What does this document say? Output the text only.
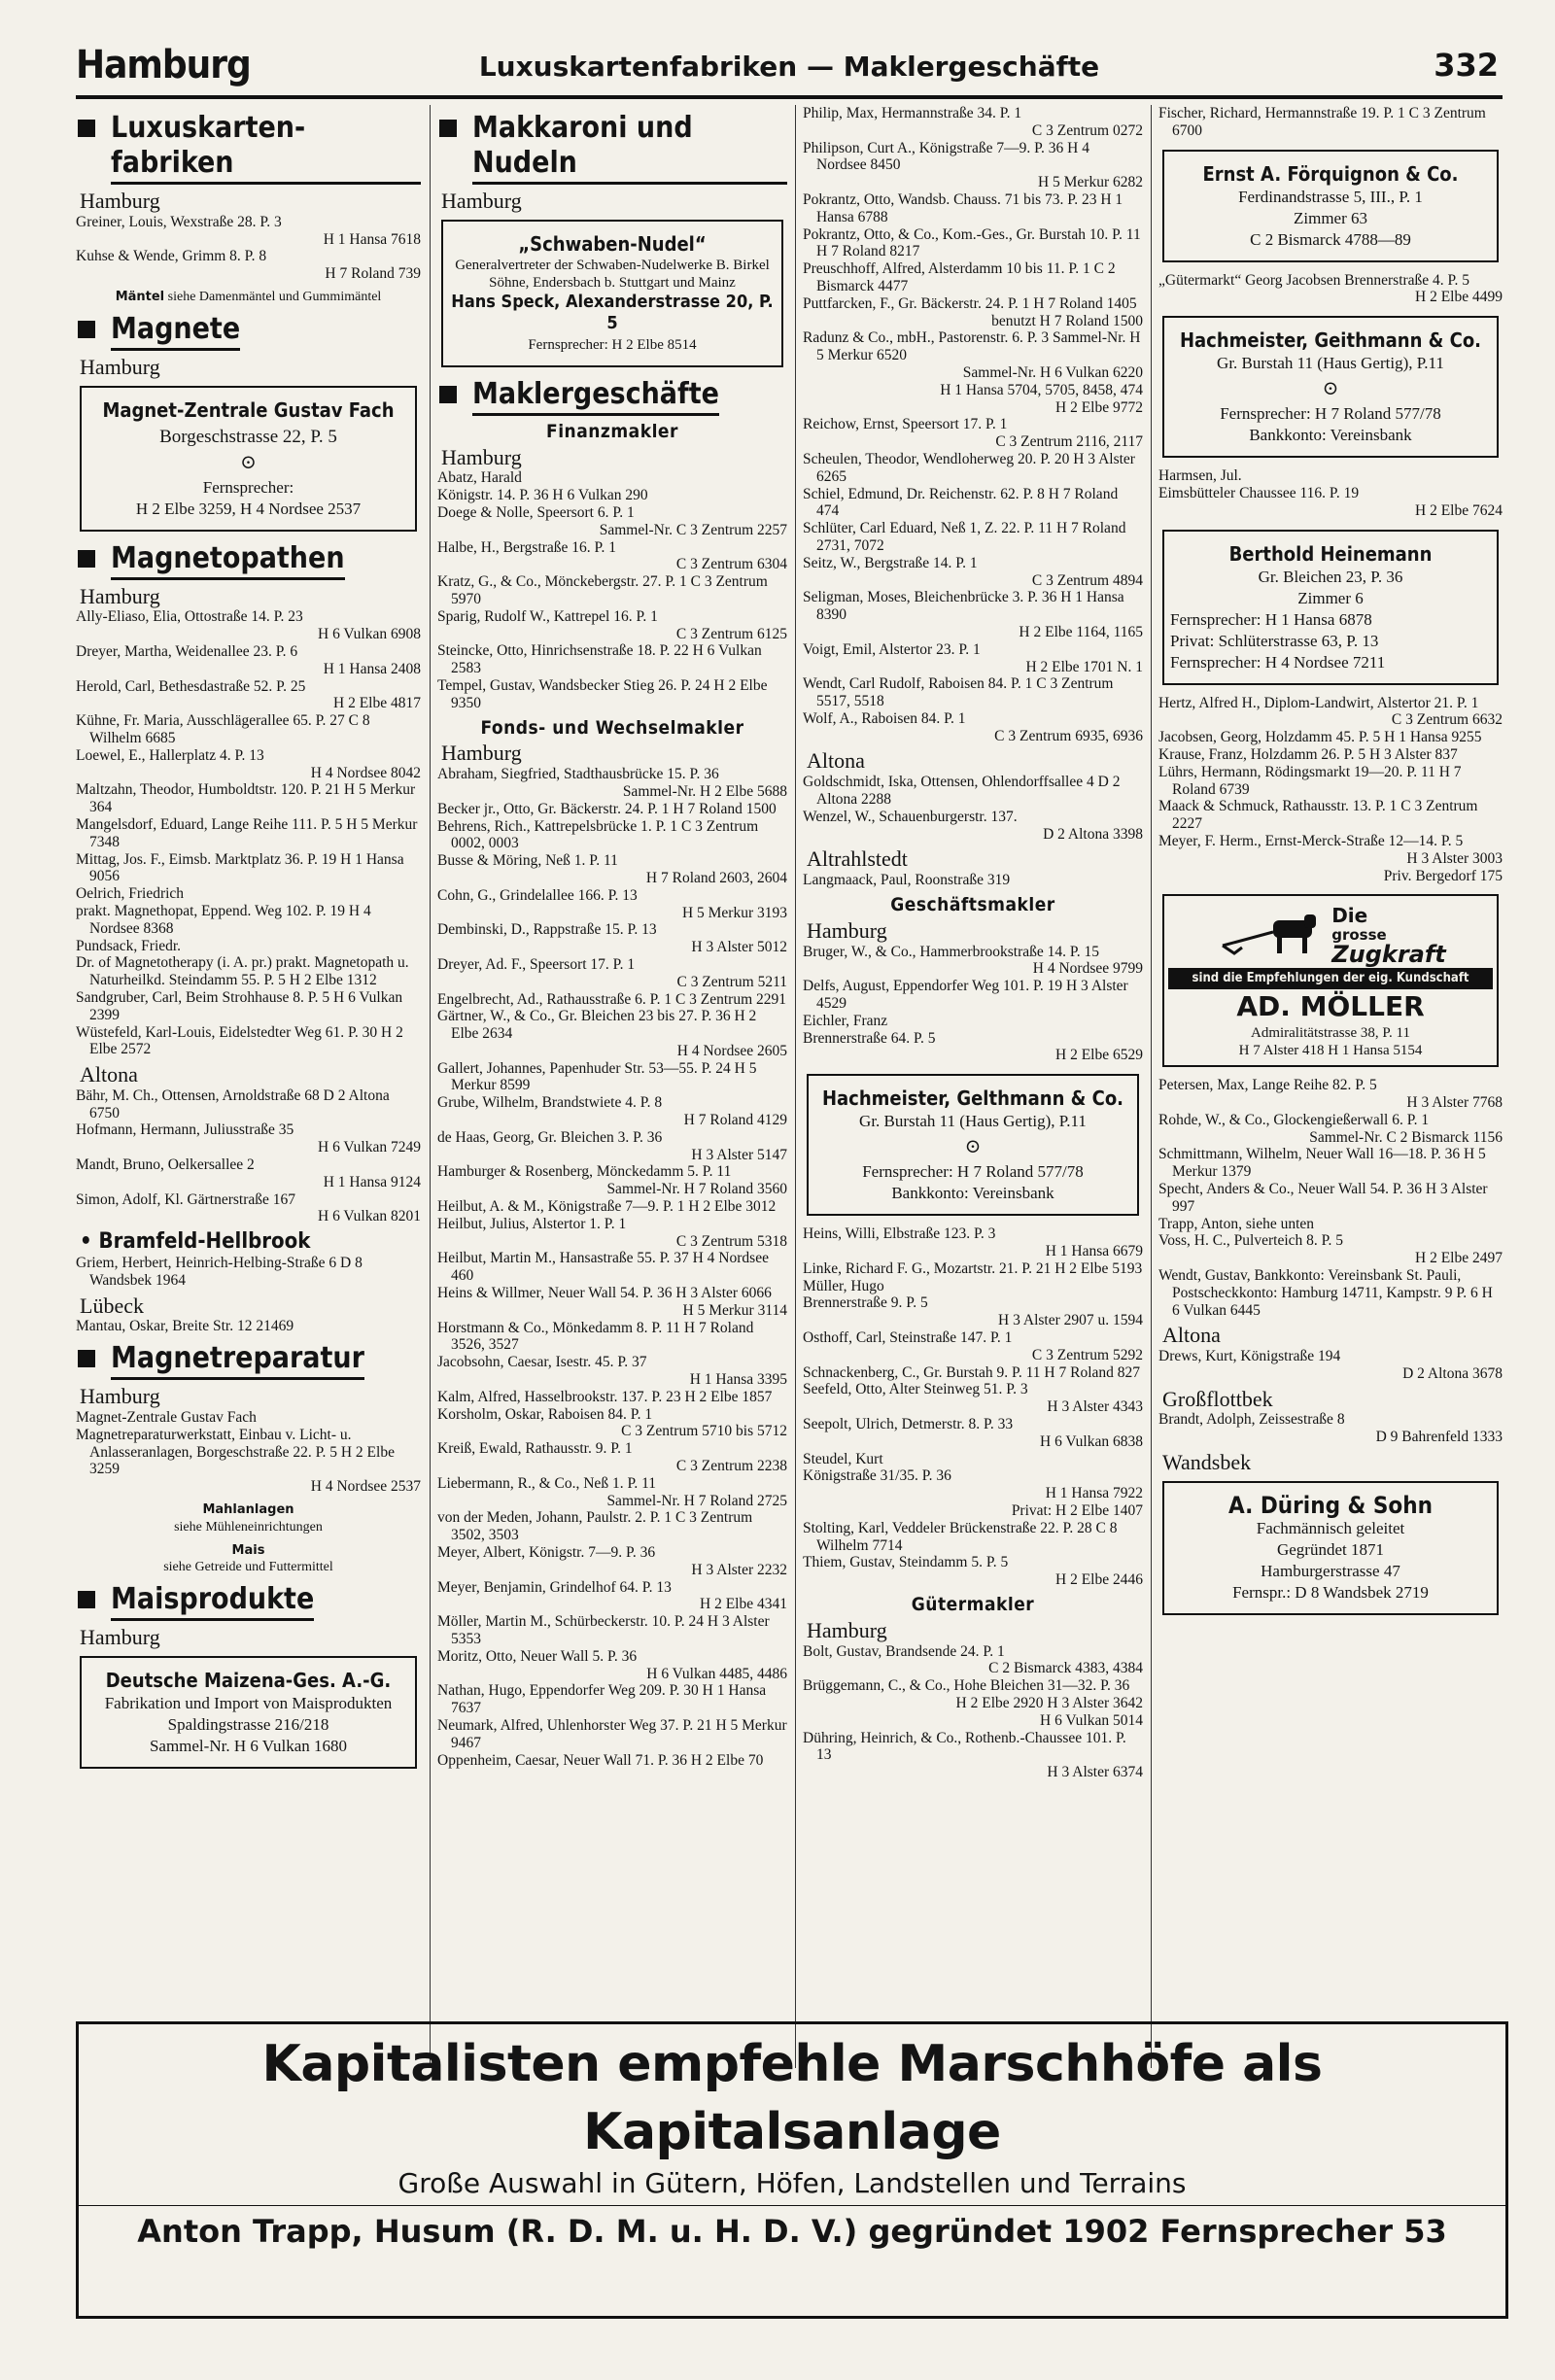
Hamburg	Luxuskartenfabriken — Maklergeschäfte	332
Luxuskarten-fabriken
Hamburg

Greiner, Louis, Wexstraße 28. P. 3

H 1 Hansa 7618

Kuhse & Wende, Grimm 8. P. 8

H 7 Roland 739

Mäntel siehe Damenmäntel und Gummimäntel
Magnete
Hamburg
Magnet-Zentrale Gustav Fach
Borgeschstrasse 22, P. 5
⊙
Fernsprecher:
H 2 Elbe 3259, H 4 Nordsee 2537
Magnetopathen
Hamburg

Ally-Eliaso, Elia, Ottostraße 14. P. 23

H 6 Vulkan 6908

Dreyer, Martha, Weidenallee 23. P. 6

H 1 Hansa 2408

Herold, Carl, Bethesdastraße 52. P. 25

H 2 Elbe 4817

Kühne, Fr. Maria, Ausschlägerallee 65. P. 27 C 8 Wilhelm 6685

Loewel, E., Hallerplatz 4. P. 13

H 4 Nordsee 8042

Maltzahn, Theodor, Humboldtstr. 120. P. 21 H 5 Merkur 364

Mangelsdorf, Eduard, Lange Reihe 111. P. 5 H 5 Merkur 7348

Mittag, Jos. F., Eimsb. Marktplatz 36. P. 19 H 1 Hansa 9056

Oelrich, Friedrich

prakt. Magnethopat, Eppend. Weg 102. P. 19 H 4 Nordsee 8368

Pundsack, Friedr.

Dr. of Magnetotherapy (i. A. pr.) prakt. Magnetopath u. Naturheilkd. Steindamm 55. P. 5 H 2 Elbe 1312

Sandgruber, Carl, Beim Strohhause 8. P. 5 H 6 Vulkan 2399

Wüstefeld, Karl-Louis, Eidelstedter Weg 61. P. 30 H 2 Elbe 2572

Altona

Bähr, M. Ch., Ottensen, Arnoldstraße 68 D 2 Altona 6750

Hofmann, Hermann, Juliusstraße 35

H 6 Vulkan 7249

Mandt, Bruno, Oelkersallee 2

H 1 Hansa 9124

Simon, Adolf, Kl. Gärtnerstraße 167

H 6 Vulkan 8201

• Bramfeld-Hellbrook

Griem, Herbert, Heinrich-Helbing-Straße 6 D 8 Wandsbek 1964

Lübeck

Mantau, Oskar, Breite Str. 12 21469

Magnetreparatur
Hamburg

Magnet-Zentrale Gustav Fach

Magnetreparaturwerkstatt, Einbau v. Licht- u. Anlasseranlagen, Borgeschstraße 22. P. 5 H 2 Elbe 3259

H 4 Nordsee 2537

Mahlanlagen
siehe Mühleneinrichtungen
Mais
siehe Getreide und Futtermittel
Maisprodukte
Hamburg
Deutsche Maizena-Ges. A.-G.
Fabrikation und Import von Maisprodukten
Spaldingstrasse 216/218
Sammel-Nr. H 6 Vulkan 1680
Makkaroni und Nudeln
Hamburg
„Schwaben-Nudel“
Generalvertreter der Schwaben-Nudelwerke B. Birkel Söhne, Endersbach b. Stuttgart und Mainz
Hans Speck, Alexanderstrasse 20, P. 5
Fernsprecher: H 2 Elbe 8514
Maklergeschäfte
Finanzmakler
Hamburg

Abatz, Harald

Königstr. 14. P. 36 H 6 Vulkan 290

Doege & Nolle, Speersort 6. P. 1

Sammel-Nr. C 3 Zentrum 2257

Halbe, H., Bergstraße 16. P. 1

C 3 Zentrum 6304

Kratz, G., & Co., Mönckebergstr. 27. P. 1 C 3 Zentrum 5970

Sparig, Rudolf W., Kattrepel 16. P. 1

C 3 Zentrum 6125

Steincke, Otto, Hinrichsenstraße 18. P. 22 H 6 Vulkan 2583

Tempel, Gustav, Wandsbecker Stieg 26. P. 24 H 2 Elbe 9350

Fonds- und Wechselmakler
Hamburg

Abraham, Siegfried, Stadthausbrücke 15. P. 36

Sammel-Nr. H 2 Elbe 5688

Becker jr., Otto, Gr. Bäckerstr. 24. P. 1 H 7 Roland 1500

Behrens, Rich., Kattrepelsbrücke 1. P. 1 C 3 Zentrum 0002, 0003

Busse & Möring, Neß 1. P. 11

H 7 Roland 2603, 2604

Cohn, G., Grindelallee 166. P. 13

H 5 Merkur 3193

Dembinski, D., Rappstraße 15. P. 13

H 3 Alster 5012

Dreyer, Ad. F., Speersort 17. P. 1

C 3 Zentrum 5211

Engelbrecht, Ad., Rathausstraße 6. P. 1 C 3 Zentrum 2291

Gärtner, W., & Co., Gr. Bleichen 23 bis 27. P. 36 H 2 Elbe 2634

H 4 Nordsee 2605

Gallert, Johannes, Papenhuder Str. 53—55. P. 24 H 5 Merkur 8599

Grube, Wilhelm, Brandstwiete 4. P. 8

H 7 Roland 4129

de Haas, Georg, Gr. Bleichen 3. P. 36

H 3 Alster 5147

Hamburger & Rosenberg, Mönckedamm 5. P. 11

Sammel-Nr. H 7 Roland 3560

Heilbut, A. & M., Königstraße 7—9. P. 1 H 2 Elbe 3012

Heilbut, Julius, Alstertor 1. P. 1

C 3 Zentrum 5318

Heilbut, Martin M., Hansastraße 55. P. 37 H 4 Nordsee 460

Heins & Willmer, Neuer Wall 54. P. 36 H 3 Alster 6066

H 5 Merkur 3114

Horstmann & Co., Mönkedamm 8. P. 11 H 7 Roland 3526, 3527

Jacobsohn, Caesar, Isestr. 45. P. 37

H 1 Hansa 3395

Kalm, Alfred, Hasselbrookstr. 137. P. 23 H 2 Elbe 1857

Korsholm, Oskar, Raboisen 84. P. 1

C 3 Zentrum 5710 bis 5712

Kreiß, Ewald, Rathausstr. 9. P. 1

C 3 Zentrum 2238

Liebermann, R., & Co., Neß 1. P. 11

Sammel-Nr. H 7 Roland 2725

von der Meden, Johann, Paulstr. 2. P. 1 C 3 Zentrum 3502, 3503

Meyer, Albert, Königstr. 7—9. P. 36

H 3 Alster 2232

Meyer, Benjamin, Grindelhof 64. P. 13

H 2 Elbe 4341

Möller, Martin M., Schürbeckerstr. 10. P. 24 H 3 Alster 5353

Moritz, Otto, Neuer Wall 5. P. 36

H 6 Vulkan 4485, 4486

Nathan, Hugo, Eppendorfer Weg 209. P. 30 H 1 Hansa 7637

Neumark, Alfred, Uhlenhorster Weg 37. P. 21 H 5 Merkur 9467

Oppenheim, Caesar, Neuer Wall 71. P. 36 H 2 Elbe 70

Philip, Max, Hermannstraße 34. P. 1

C 3 Zentrum 0272

Philipson, Curt A., Königstraße 7—9. P. 36 H 4 Nordsee 8450

H 5 Merkur 6282

Pokrantz, Otto, Wandsb. Chauss. 71 bis 73. P. 23 H 1 Hansa 6788

Pokrantz, Otto, & Co., Kom.-Ges., Gr. Burstah 10. P. 11 H 7 Roland 8217

Preuschhoff, Alfred, Alsterdamm 10 bis 11. P. 1 C 2 Bismarck 4477

Puttfarcken, F., Gr. Bäckerstr. 24. P. 1 H 7 Roland 1405

benutzt H 7 Roland 1500

Radunz & Co., mbH., Pastorenstr. 6. P. 3 Sammel-Nr. H 5 Merkur 6520

Sammel-Nr. H 6 Vulkan 6220

H 1 Hansa 5704, 5705, 8458, 474

H 2 Elbe 9772

Reichow, Ernst, Speersort 17. P. 1

C 3 Zentrum 2116, 2117

Scheulen, Theodor, Wendloherweg 20. P. 20 H 3 Alster 6265

Schiel, Edmund, Dr. Reichenstr. 62. P. 8 H 7 Roland 474

Schlüter, Carl Eduard, Neß 1, Z. 22. P. 11 H 7 Roland 2731, 7072

Seitz, W., Bergstraße 14. P. 1

C 3 Zentrum 4894

Seligman, Moses, Bleichenbrücke 3. P. 36 H 1 Hansa 8390

H 2 Elbe 1164, 1165

Voigt, Emil, Alstertor 23. P. 1

H 2 Elbe 1701 N. 1

Wendt, Carl Rudolf, Raboisen 84. P. 1 C 3 Zentrum 5517, 5518

Wolf, A., Raboisen 84. P. 1

C 3 Zentrum 6935, 6936

Altona

Goldschmidt, Iska, Ottensen, Ohlendorffsallee 4 D 2 Altona 2288

Wenzel, W., Schauenburgerstr. 137.

D 2 Altona 3398

Altrahlstedt

Langmaack, Paul, Roonstraße 319

Geschäftsmakler
Hamburg

Bruger, W., & Co., Hammerbrookstraße 14. P. 15

H 4 Nordsee 9799

Delfs, August, Eppendorfer Weg 101. P. 19 H 3 Alster 4529

Eichler, Franz

Brennerstraße 64. P. 5

H 2 Elbe 6529

Hachmeister, Gelthmann & Co.
Gr. Burstah 11 (Haus Gertig), P.11
⊙
Fernsprecher: H 7 Roland 577/78
Bankkonto: Vereinsbank

Heins, Willi, Elbstraße 123. P. 3

H 1 Hansa 6679

Linke, Richard F. G., Mozartstr. 21. P. 21 H 2 Elbe 5193

Müller, Hugo

Brennerstraße 9. P. 5

H 3 Alster 2907 u. 1594

Osthoff, Carl, Steinstraße 147. P. 1

C 3 Zentrum 5292

Schnackenberg, C., Gr. Burstah 9. P. 11 H 7 Roland 827

Seefeld, Otto, Alter Steinweg 51. P. 3

H 3 Alster 4343

Seepolt, Ulrich, Detmerstr. 8. P. 33

H 6 Vulkan 6838

Steudel, Kurt

Königstraße 31/35. P. 36

H 1 Hansa 7922

Privat: H 2 Elbe 1407

Stolting, Karl, Veddeler Brückenstraße 22. P. 28 C 8 Wilhelm 7714

Thiem, Gustav, Steindamm 5. P. 5

H 2 Elbe 2446

Gütermakler
Hamburg

Bolt, Gustav, Brandsende 24. P. 1

C 2 Bismarck 4383, 4384

Brüggemann, C., & Co., Hohe Bleichen 31—32. P. 36

H 2 Elbe 2920 H 3 Alster 3642

H 6 Vulkan 5014

Dühring, Heinrich, & Co., Rothenb.-Chaussee 101. P. 13

H 3 Alster 6374

Fischer, Richard, Hermannstraße 19. P. 1 C 3 Zentrum 6700

Ernst A. Förquignon & Co.
Ferdinandstrasse 5, III., P. 1
Zimmer 63
C 2 Bismarck 4788—89

„Gütermarkt“ Georg Jacobsen Brennerstraße 4. P. 5

H 2 Elbe 4499

Hachmeister, Geithmann & Co.
Gr. Burstah 11 (Haus Gertig), P.11
⊙
Fernsprecher: H 7 Roland 577/78
Bankkonto: Vereinsbank

Harmsen, Jul.

Eimsbütteler Chaussee 116. P. 19

H 2 Elbe 7624

Berthold Heinemann
Gr. Bleichen 23, P. 36
Zimmer 6
Fernsprecher: H 1 Hansa 6878
Privat: Schlüterstrasse 63, P. 13
Fernsprecher: H 4 Nordsee 7211

Hertz, Alfred H., Diplom-Landwirt, Alstertor 21. P. 1

C 3 Zentrum 6632

Jacobsen, Georg, Holzdamm 45. P. 5 H 1 Hansa 9255

Krause, Franz, Holzdamm 26. P. 5 H 3 Alster 837

Lührs, Hermann, Rödingsmarkt 19—20. P. 11 H 7 Roland 6739

Maack & Schmuck, Rathausstr. 13. P. 1 C 3 Zentrum 2227

Meyer, F. Herm., Ernst-Merck-Straße 12—14. P. 5

H 3 Alster 3003

Priv. Bergedorf 175

Die
grosse
Zugkraft
sind die Empfehlungen der eig. Kundschaft
AD. MÖLLER
Admiralitätstrasse 38, P. 11
H 7 Alster 418 H 1 Hansa 5154

Petersen, Max, Lange Reihe 82. P. 5

H 3 Alster 7768

Rohde, W., & Co., Glockengießerwall 6. P. 1

Sammel-Nr. C 2 Bismarck 1156

Schmittmann, Wilhelm, Neuer Wall 16—18. P. 36 H 5 Merkur 1379

Specht, Anders & Co., Neuer Wall 54. P. 36 H 3 Alster 997

Trapp, Anton, siehe unten

Voss, H. C., Pulverteich 8. P. 5

H 2 Elbe 2497

Wendt, Gustav, Bankkonto: Vereinsbank St. Pauli, Postscheckkonto: Hamburg 14711, Kampstr. 9 P. 6 H 6 Vulkan 6445

Altona

Drews, Kurt, Königstraße 194

D 2 Altona 3678

Großflottbek

Brandt, Adolph, Zeissestraße 8

D 9 Bahrenfeld 1333

Wandsbek
A. Düring & Sohn
Fachmännisch geleitet
Gegründet 1871
Hamburgerstrasse 47
Fernspr.: D 8 Wandsbek 2719
Kapitalisten empfehle Marschhöfe als Kapitalsanlage
Große Auswahl in Gütern, Höfen, Landstellen und Terrains
Anton Trapp, Husum (R. D. M. u. H. D. V.) gegründet 1902 Fernsprecher 53
